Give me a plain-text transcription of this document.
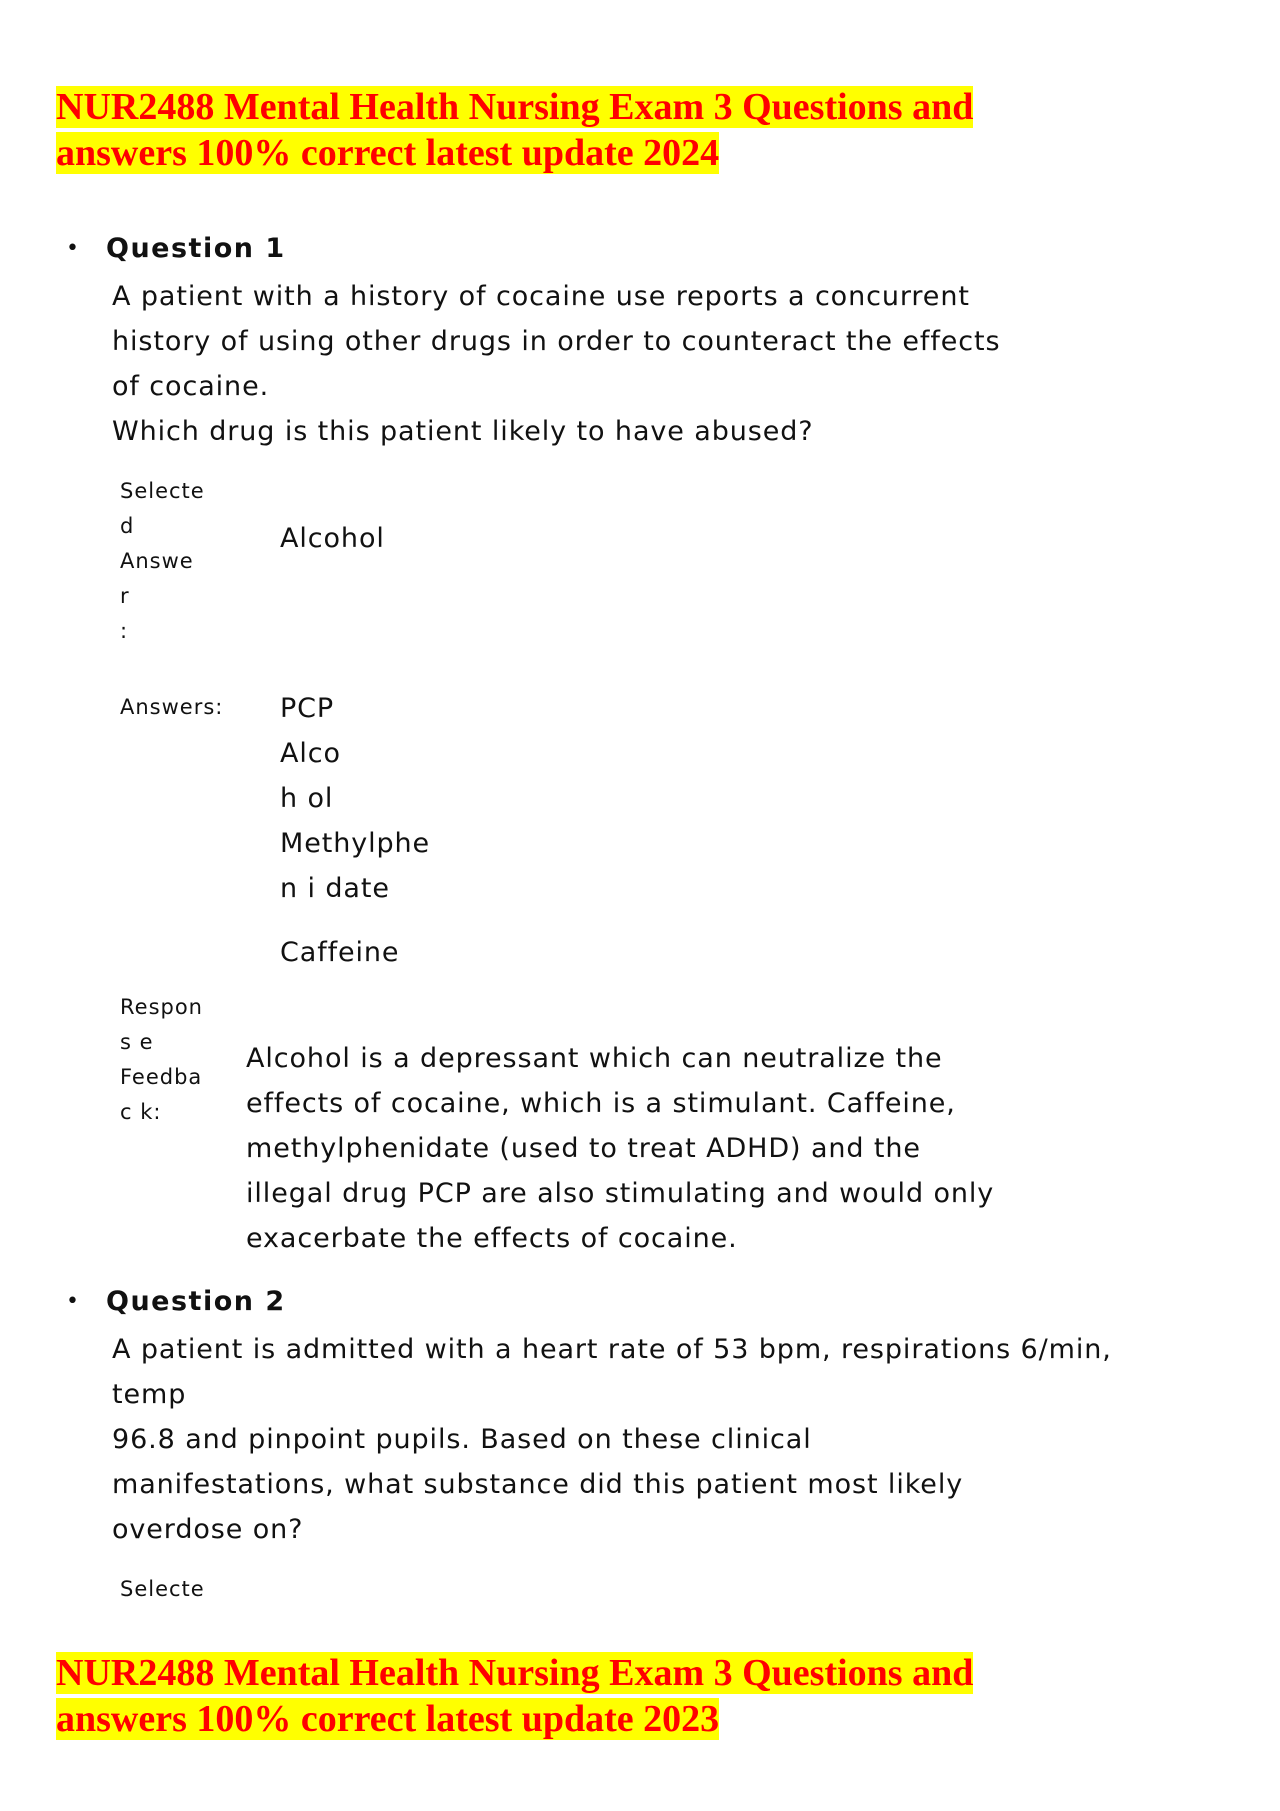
NUR2488 Mental Health Nursing Exam 3 Questions and
answers 100% correct latest update 2024
• Question 1

A patient with a history of cocaine use reports a concurrent

history of using other drugs in order to counteract the effects

of cocaine.

Which drug is this patient likely to have abused?

Selecte
d
Answe
r
:
Alcohol
Answers:	PCP
Alco
h ol
Methylphe
n i date
Caffeine
Respon
s e
Feedba
c k:
Alcohol is a depressant which can neutralize the
effects of cocaine, which is a stimulant. Caffeine,
methylphenidate (used to treat ADHD) and the
illegal drug PCP are also stimulating and would only
exacerbate the effects of cocaine.
• Question 2

A patient is admitted with a heart rate of 53 bpm, respirations 6/min,

temp

96.8 and pinpoint pupils. Based on these clinical

manifestations, what substance did this patient most likely

overdose on?

Selecte
NUR2488 Mental Health Nursing Exam 3 Questions and
answers 100% correct latest update 2023
